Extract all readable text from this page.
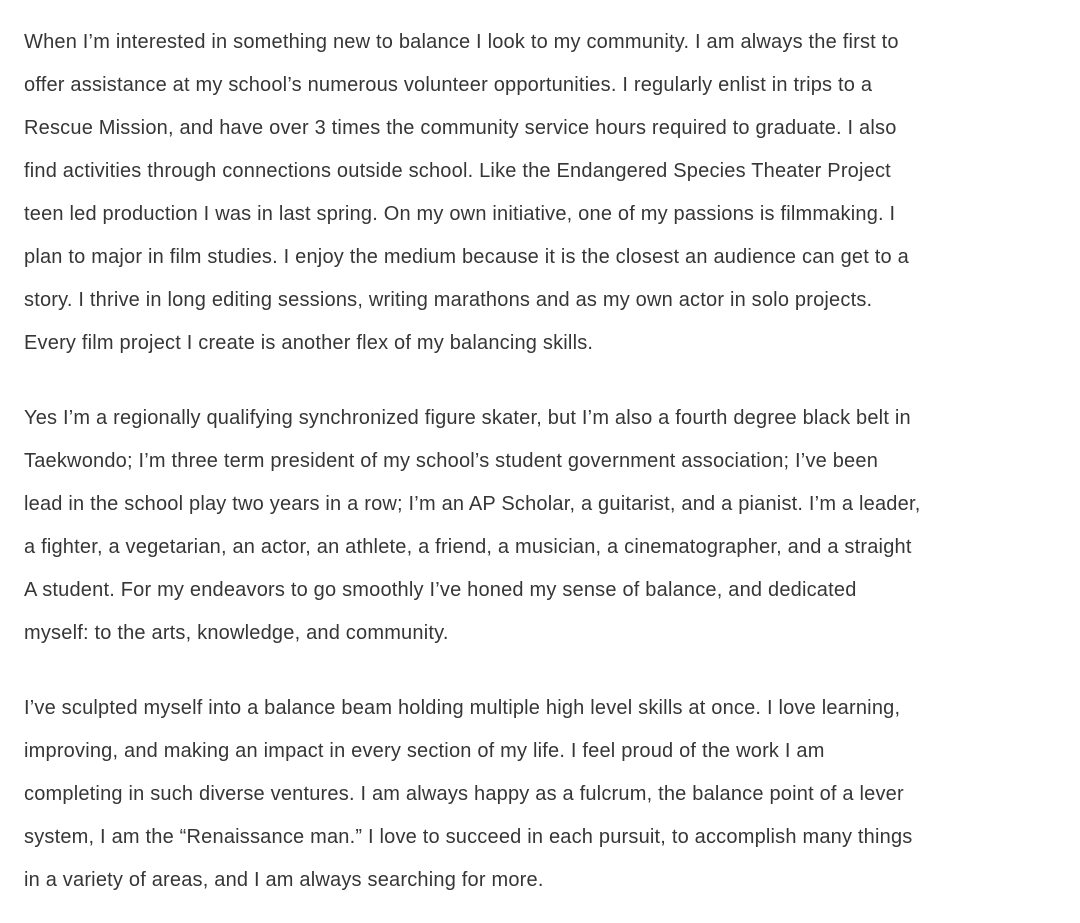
When I’m interested in something new to balance I look to my community. I am always the first to
offer assistance at my school’s numerous volunteer opportunities. I regularly enlist in trips to a
Rescue Mission, and have over 3 times the community service hours required to graduate. I also
find activities through connections outside school. Like the Endangered Species Theater Project
teen led production I was in last spring. On my own initiative, one of my passions is filmmaking. I
plan to major in film studies. I enjoy the medium because it is the closest an audience can get to a
story. I thrive in long editing sessions, writing marathons and as my own actor in solo projects.
Every film project I create is another flex of my balancing skills.
Yes I’m a regionally qualifying synchronized figure skater, but I’m also a fourth degree black belt in
Taekwondo; I’m three term president of my school’s student government association; I’ve been
lead in the school play two years in a row; I’m an AP Scholar, a guitarist, and a pianist. I’m a leader,
a fighter, a vegetarian, an actor, an athlete, a friend, a musician, a cinematographer, and a straight
A student. For my endeavors to go smoothly I’ve honed my sense of balance, and dedicated
myself: to the arts, knowledge, and community.
I’ve sculpted myself into a balance beam holding multiple high level skills at once. I love learning,
improving, and making an impact in every section of my life. I feel proud of the work I am
completing in such diverse ventures. I am always happy as a fulcrum, the balance point of a lever
system, I am the “Renaissance man.” I love to succeed in each pursuit, to accomplish many things
in a variety of areas, and I am always searching for more.
